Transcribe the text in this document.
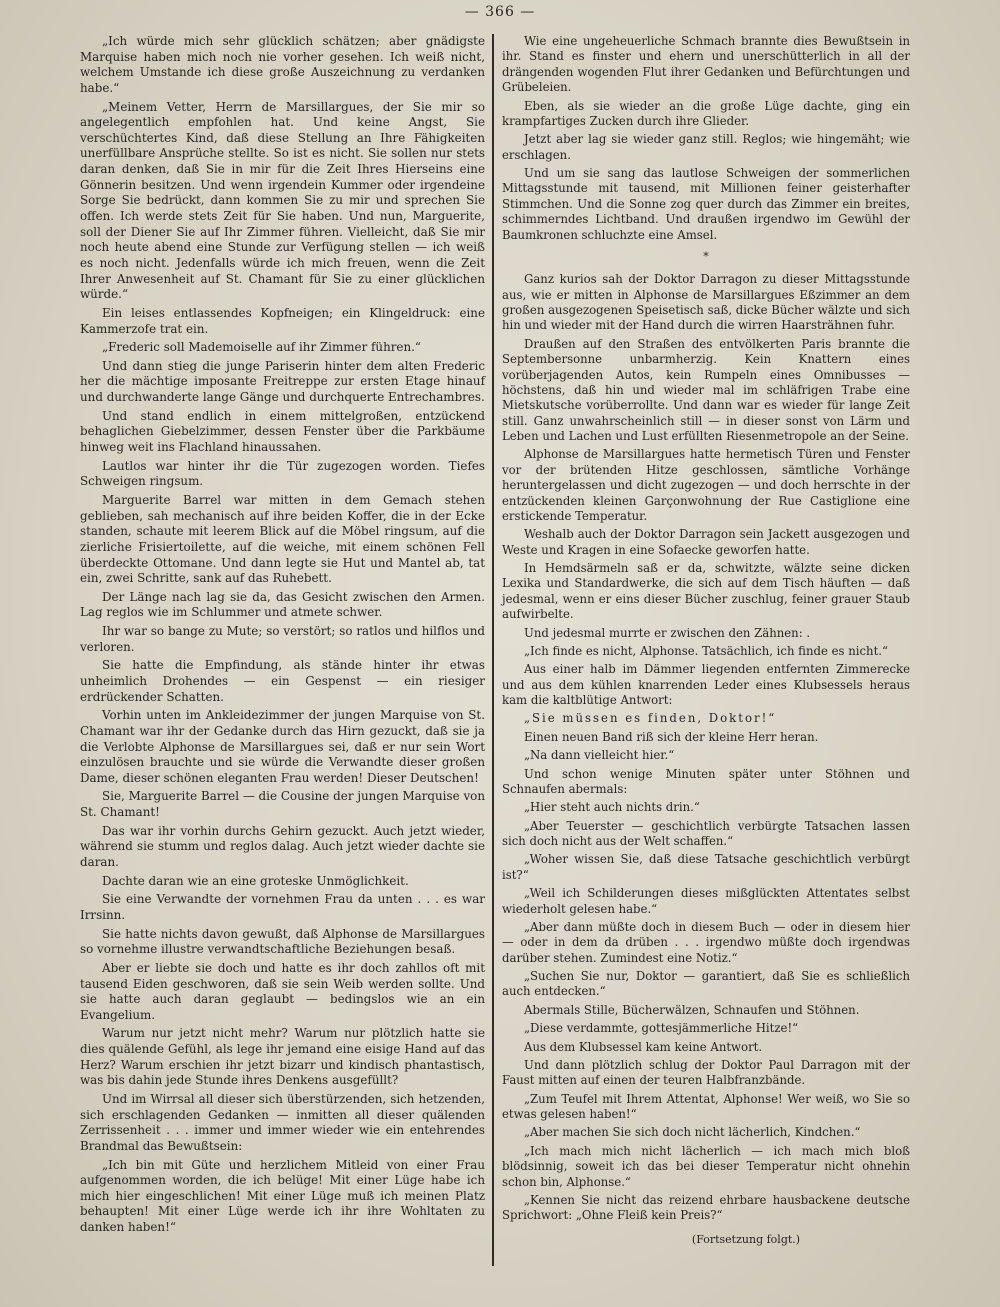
— 366 —

„Ich würde mich sehr glücklich schätzen; aber gnädigste Marquise haben mich noch nie vorher gesehen. Ich weiß nicht, welchem Umstande ich diese große Auszeichnung zu verdanken habe.“

„Meinem Vetter, Herrn de Marsillargues, der Sie mir so angelegentlich empfohlen hat. Und keine Angst, Sie verschüchtertes Kind, daß diese Stellung an Ihre Fähigkeiten unerfüllbare Ansprüche stellte. So ist es nicht. Sie sollen nur stets daran denken, daß Sie in mir für die Zeit Ihres Hierseins eine Gönnerin besitzen. Und wenn irgendein Kummer oder irgendeine Sorge Sie bedrückt, dann kommen Sie zu mir und sprechen Sie offen. Ich werde stets Zeit für Sie haben. Und nun, Marguerite, soll der Diener Sie auf Ihr Zimmer führen. Vielleicht, daß Sie mir noch heute abend eine Stunde zur Verfügung stellen — ich weiß es noch nicht. Jedenfalls würde ich mich freuen, wenn die Zeit Ihrer Anwesenheit auf St. Chamant für Sie zu einer glücklichen würde.“

Ein leises entlassendes Kopfneigen; ein Klingeldruck: eine Kammerzofe trat ein.

„Frederic soll Mademoiselle auf ihr Zimmer führen.“

Und dann stieg die junge Pariserin hinter dem alten Frederic her die mächtige imposante Freitreppe zur ersten Etage hinauf und durchwanderte lange Gänge und durchquerte Entrechambres.

Und stand endlich in einem mittelgroßen, entzückend behaglichen Giebelzimmer, dessen Fenster über die Parkbäume hinweg weit ins Flachland hinaussahen.

Lautlos war hinter ihr die Tür zugezogen worden. Tiefes Schweigen ringsum.

Marguerite Barrel war mitten in dem Gemach stehen geblieben, sah mechanisch auf ihre beiden Koffer, die in der Ecke standen, schaute mit leerem Blick auf die Möbel ringsum, auf die zierliche Frisiertoilette, auf die weiche, mit einem schönen Fell überdeckte Ottomane. Und dann legte sie Hut und Mantel ab, tat ein, zwei Schritte, sank auf das Ruhebett.

Der Länge nach lag sie da, das Gesicht zwischen den Armen. Lag reglos wie im Schlummer und atmete schwer.

Ihr war so bange zu Mute; so verstört; so ratlos und hilflos und verloren.

Sie hatte die Empfindung, als stände hinter ihr etwas unheimlich Drohendes — ein Gespenst — ein riesiger erdrückender Schatten.

Vorhin unten im Ankleidezimmer der jungen Marquise von St. Chamant war ihr der Gedanke durch das Hirn gezuckt, daß sie ja die Verlobte Alphonse de Marsillargues sei, daß er nur sein Wort einzulösen brauchte und sie würde die Verwandte dieser großen Dame, dieser schönen eleganten Frau werden! Dieser Deutschen!

Sie, Marguerite Barrel — die Cousine der jungen Marquise von St. Chamant!

Das war ihr vorhin durchs Gehirn gezuckt. Auch jetzt wieder, während sie stumm und reglos dalag. Auch jetzt wieder dachte sie daran.

Dachte daran wie an eine groteske Unmöglichkeit.

Sie eine Verwandte der vornehmen Frau da unten . . . es war Irrsinn.

Sie hatte nichts davon gewußt, daß Alphonse de Marsillargues so vornehme illustre verwandtschaftliche Beziehungen besaß.

Aber er liebte sie doch und hatte es ihr doch zahllos oft mit tausend Eiden geschworen, daß sie sein Weib werden sollte. Und sie hatte auch daran geglaubt — bedingslos wie an ein Evangelium.

Warum nur jetzt nicht mehr? Warum nur plötzlich hatte sie dies quälende Gefühl, als lege ihr jemand eine eisige Hand auf das Herz? Warum erschien ihr jetzt bizarr und kindisch phantastisch, was bis dahin jede Stunde ihres Denkens ausgefüllt?

Und im Wirrsal all dieser sich überstürzenden, sich hetzenden, sich erschlagenden Gedanken — inmitten all dieser quälenden Zerrissenheit . . . immer und immer wieder wie ein entehrendes Brandmal das Bewußtsein:

„Ich bin mit Güte und herzlichem Mitleid von einer Frau aufgenommen worden, die ich belüge! Mit einer Lüge habe ich mich hier eingeschlichen! Mit einer Lüge muß ich meinen Platz behaupten! Mit einer Lüge werde ich ihr ihre Wohltaten zu danken haben!“

Wie eine ungeheuerliche Schmach brannte dies Bewußtsein in ihr. Stand es finster und ehern und unerschütterlich in all der drängenden wogenden Flut ihrer Gedanken und Befürchtungen und Grübeleien.

Eben, als sie wieder an die große Lüge dachte, ging ein krampfartiges Zucken durch ihre Glieder.

Jetzt aber lag sie wieder ganz still. Reglos; wie hingemäht; wie erschlagen.

Und um sie sang das lautlose Schweigen der sommerlichen Mittagsstunde mit tausend, mit Millionen feiner geisterhafter Stimmchen. Und die Sonne zog quer durch das Zimmer ein breites, schimmerndes Lichtband. Und draußen irgendwo im Gewühl der Baumkronen schluchzte eine Amsel.

*

Ganz kurios sah der Doktor Darragon zu dieser Mittagsstunde aus, wie er mitten in Alphonse de Marsillargues Eßzimmer an dem großen ausgezogenen Speisetisch saß, dicke Bücher wälzte und sich hin und wieder mit der Hand durch die wirren Haarsträhnen fuhr.

Draußen auf den Straßen des entvölkerten Paris brannte die Septembersonne unbarmherzig. Kein Knattern eines vorüberjagenden Autos, kein Rumpeln eines Omnibusses — höchstens, daß hin und wieder mal im schläfrigen Trabe eine Mietskutsche vorüberrollte. Und dann war es wieder für lange Zeit still. Ganz unwahrscheinlich still — in dieser sonst von Lärm und Leben und Lachen und Lust erfüllten Riesenmetropole an der Seine.

Alphonse de Marsillargues hatte hermetisch Türen und Fenster vor der brütenden Hitze geschlossen, sämtliche Vorhänge heruntergelassen und dicht zugezogen — und doch herrschte in der entzückenden kleinen Garçonwohnung der Rue Castiglione eine erstickende Temperatur.

Weshalb auch der Doktor Darragon sein Jackett ausgezogen und Weste und Kragen in eine Sofaecke geworfen hatte.

In Hemdsärmeln saß er da, schwitzte, wälzte seine dicken Lexika und Standardwerke, die sich auf dem Tisch häuften — daß jedesmal, wenn er eins dieser Bücher zuschlug, feiner grauer Staub aufwirbelte.

Und jedesmal murrte er zwischen den Zähnen: .

„Ich finde es nicht, Alphonse. Tatsächlich, ich finde es nicht.“

Aus einer halb im Dämmer liegenden entfernten Zimmerecke und aus dem kühlen knarrenden Leder eines Klubsessels heraus kam die kaltblütige Antwort:

„Sie müssen es finden, Doktor!“

Einen neuen Band riß sich der kleine Herr heran.

„Na dann vielleicht hier.“

Und schon wenige Minuten später unter Stöhnen und Schnaufen abermals:

„Hier steht auch nichts drin.“

„Aber Teuerster — geschichtlich verbürgte Tatsachen lassen sich doch nicht aus der Welt schaffen.“

„Woher wissen Sie, daß diese Tatsache geschichtlich verbürgt ist?“

„Weil ich Schilderungen dieses mißglückten Attentates selbst wiederholt gelesen habe.“

„Aber dann müßte doch in diesem Buch — oder in diesem hier — oder in dem da drüben . . . irgendwo müßte doch irgendwas darüber stehen. Zumindest eine Notiz.“

„Suchen Sie nur, Doktor — garantiert, daß Sie es schließlich auch entdecken.“

Abermals Stille, Bücherwälzen, Schnaufen und Stöhnen.

„Diese verdammte, gottesjämmerliche Hitze!“

Aus dem Klubsessel kam keine Antwort.

Und dann plötzlich schlug der Doktor Paul Darragon mit der Faust mitten auf einen der teuren Halbfranzbände.

„Zum Teufel mit Ihrem Attentat, Alphonse! Wer weiß, wo Sie so etwas gelesen haben!“

„Aber machen Sie sich doch nicht lächerlich, Kindchen.“

„Ich mach mich nicht lächerlich — ich mach mich bloß blödsinnig, soweit ich das bei dieser Temperatur nicht ohnehin schon bin, Alphonse.“

„Kennen Sie nicht das reizend ehrbare hausbackene deutsche Sprichwort: „Ohne Fleiß kein Preis?“

(Fortsetzung folgt.)
